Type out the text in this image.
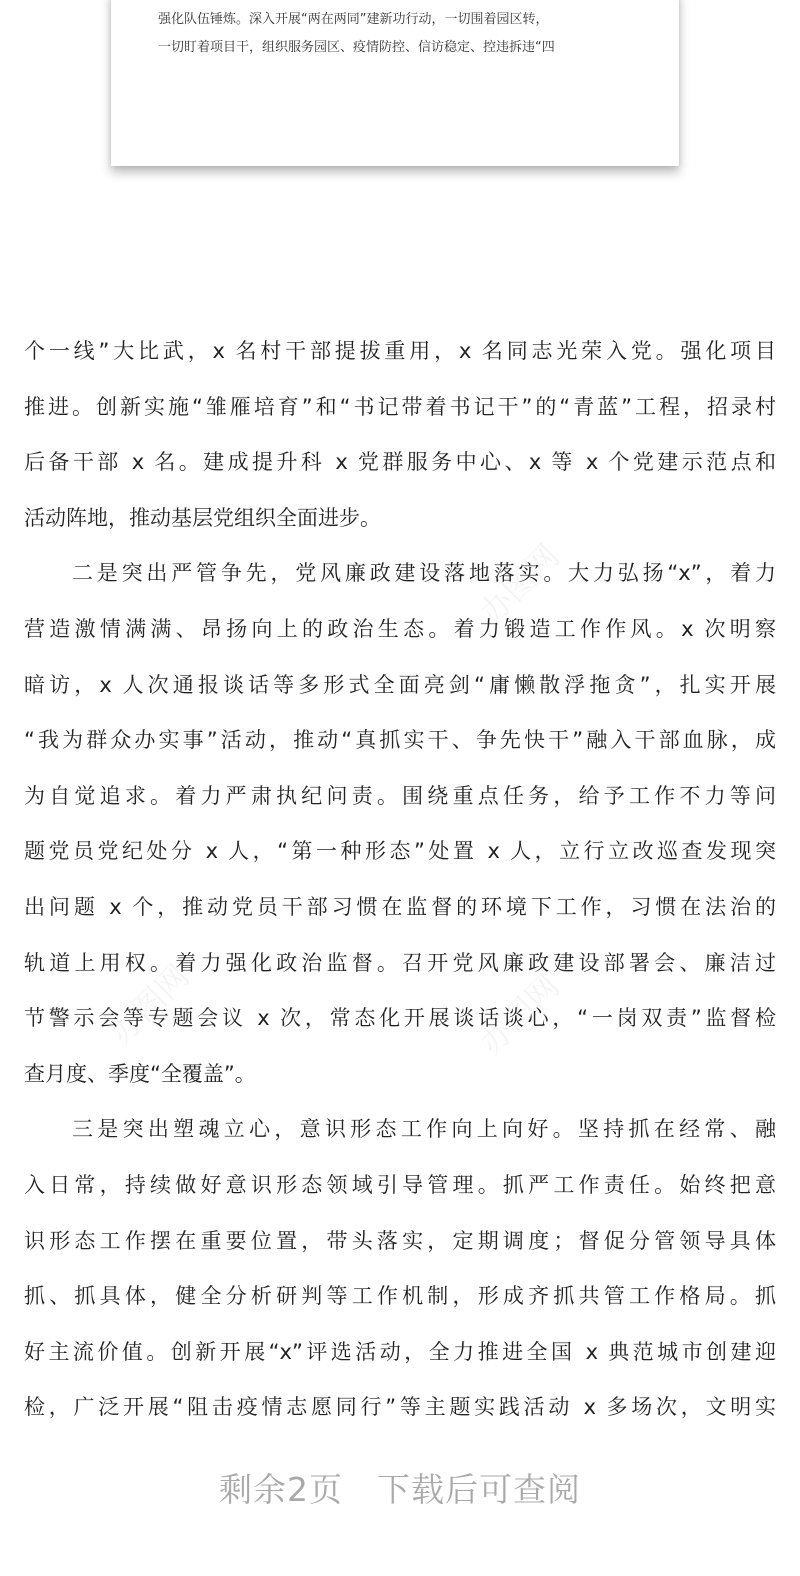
强化队伍锤炼。深入开展“两在两同”建新功行动，一切围着园区转，
一切盯着项目干，组织服务园区、疫情防控、信访稳定、控违拆违“四
个一线”大比武，x 名村干部提拔重用，x 名同志光荣入党。强化项目
推进。创新实施“雏雁培育”和“书记带着书记干”的“青蓝”工程，招录村
后备干部 x 名。建成提升科 x 党群服务中心、x 等 x 个党建示范点和
活动阵地，推动基层党组织全面进步。
二是突出严管争先，党风廉政建设落地落实。大力弘扬“x”，着力
营造激情满满、昂扬向上的政治生态。着力锻造工作作风。x 次明察
暗访，x 人次通报谈话等多形式全面亮剑“庸懒散浮拖贪”，扎实开展
“我为群众办实事”活动，推动“真抓实干、争先快干”融入干部血脉，成
为自觉追求。着力严肃执纪问责。围绕重点任务，给予工作不力等问
题党员党纪处分 x 人，“第一种形态”处置 x 人，立行立改巡查发现突
出问题 x 个，推动党员干部习惯在监督的环境下工作，习惯在法治的
轨道上用权。着力强化政治监督。召开党风廉政建设部署会、廉洁过
节警示会等专题会议 x 次，常态化开展谈话谈心，“一岗双责”监督检
查月度、季度“全覆盖”。
三是突出塑魂立心，意识形态工作向上向好。坚持抓在经常、融
入日常，持续做好意识形态领域引导管理。抓严工作责任。始终把意
识形态工作摆在重要位置，带头落实，定期调度；督促分管领导具体
抓、抓具体，健全分析研判等工作机制，形成齐抓共管工作格局。抓
好主流价值。创新开展“x”评选活动，全力推进全国 x 典范城市创建迎
检，广泛开展“阻击疫情志愿同行”等主题实践活动 x 多场次，文明实
剩余2页　下载后可查阅
